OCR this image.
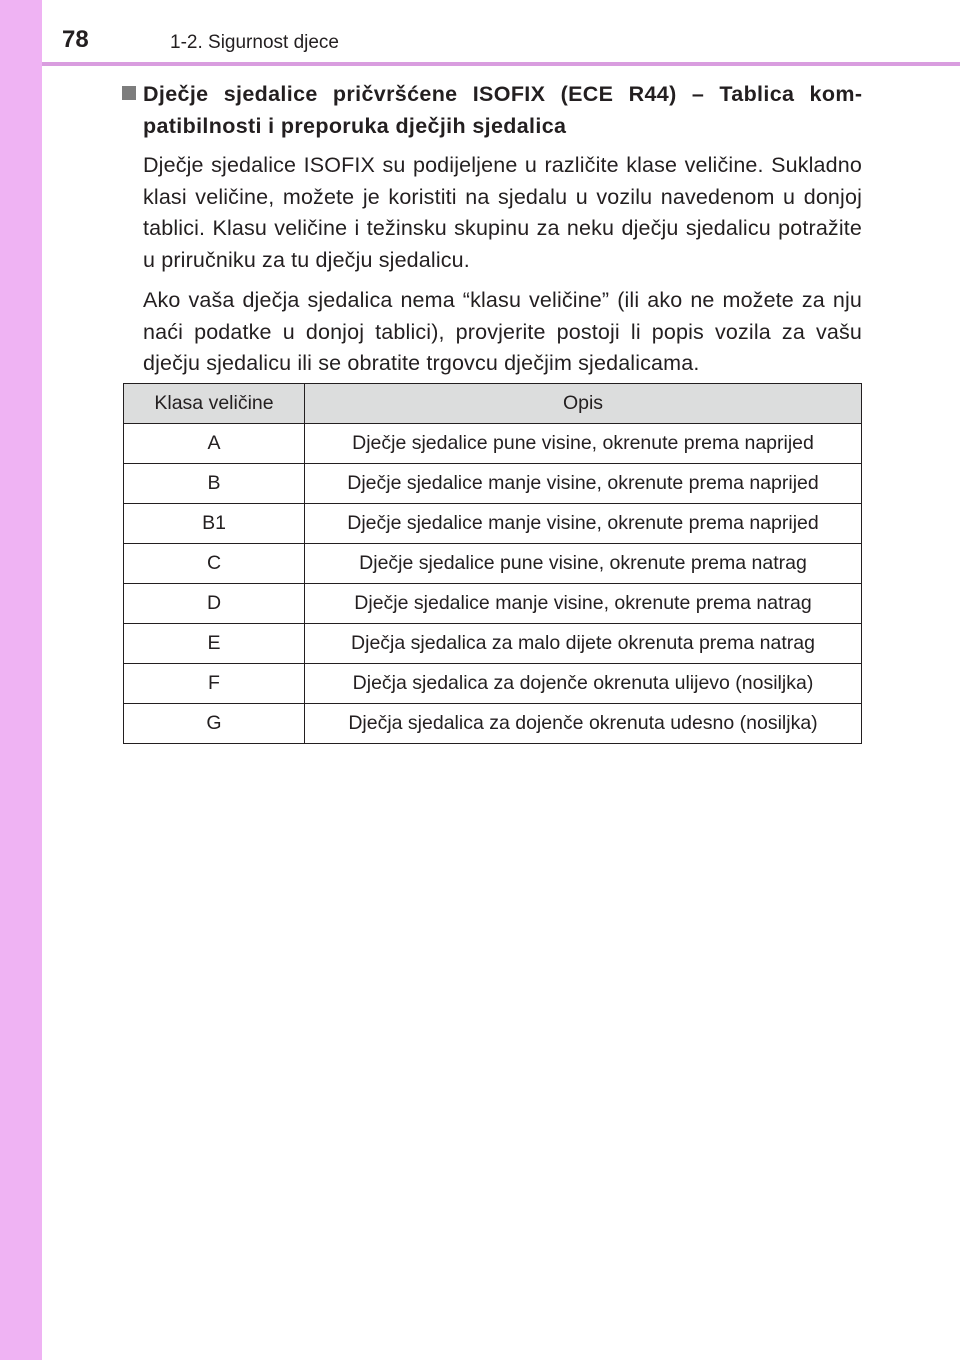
78	1-2. Sigurnost djece
Dječje sjedalice pričvršćene ISOFIX (ECE R44) – Tablica kompatibilnosti i preporuka dječjih sjedalica

Dječje sjedalice ISOFIX su podijeljene u različite klase veličine. Sukladno klasi veličine, možete je koristiti na sjedalu u vozilu navedenom u donjoj tablici. Klasu veličine i težinsku skupinu za neku dječju sjedalicu potražite u priručniku za tu dječju sjedalicu.

Ako vaša dječja sjedalica nema “klasu veličine” (ili ako ne možete za nju naći podatke u donjoj tablici), provjerite postoji li popis vozila za vašu dječju sjedalicu ili se obratite trgovcu dječjim sjedalicama.

Klasa veličine	Opis
A	Dječje sjedalice pune visine, okrenute prema naprijed
B	Dječje sjedalice manje visine, okrenute prema naprijed
B1	Dječje sjedalice manje visine, okrenute prema naprijed
C	Dječje sjedalice pune visine, okrenute prema natrag
D	Dječje sjedalice manje visine, okrenute prema natrag
E	Dječja sjedalica za malo dijete okrenuta prema natrag
F	Dječja sjedalica za dojenče okrenuta ulijevo (nosiljka)
G	Dječja sjedalica za dojenče okrenuta udesno (nosiljka)
